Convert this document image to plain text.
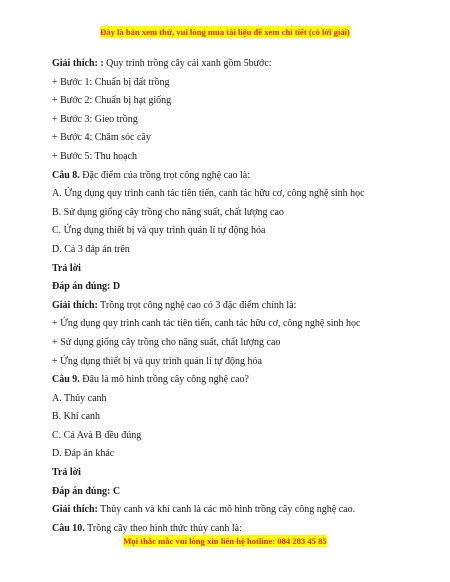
Đây là bản xem thử, vui lòng mua tài liệu để xem chi tiết (có lời giải)
Giải thích: : Quy trình trồng cây cải xanh gồm 5bước:
+ Bước 1: Chuẩn bị đất trồng
+ Bước 2: Chuẩn bị hạt giống
+ Bước 3: Gieo trồng
+ Bước 4: Chăm sóc cây
+ Bước 5: Thu hoạch
Câu 8. Đặc điểm của trồng trọt công nghệ cao là:
A. Ứng dụng quy trình canh tác tiên tiến, canh tác hữu cơ, công nghệ sinh học
B. Sử dụng giống cây trồng cho năng suất, chất lượng cao
C. Ứng dụng thiết bị và quy trình quản lí tự động hóa
D. Cả 3 đáp án trên
Trả lời
Đáp án đúng: D
Giải thích: Trồng trọt công nghệ cao có 3 đặc điểm chính là:
+ Ứng dụng quy trình canh tác tiên tiến, canh tác hữu cơ, công nghệ sinh học
+ Sử dụng giống cây trồng cho năng suất, chất lượng cao
+ Ứng dụng thiết bị và quy trình quản lí tự động hóa
Câu 9. Đâu là mô hình trồng cây công nghệ cao?
A. Thủy canh
B. Khí canh
C. Cả Avà B đều đúng
D. Đáp án khác
Trả lời
Đáp án đúng: C
Giải thích: Thủy canh và khí canh là các mô hình trồng cây công nghệ cao.
Câu 10. Trồng cây theo hình thức thủy canh là:
Mọi thắc mắc vui lòng xin liên hệ hotline: 084 283 45 85
